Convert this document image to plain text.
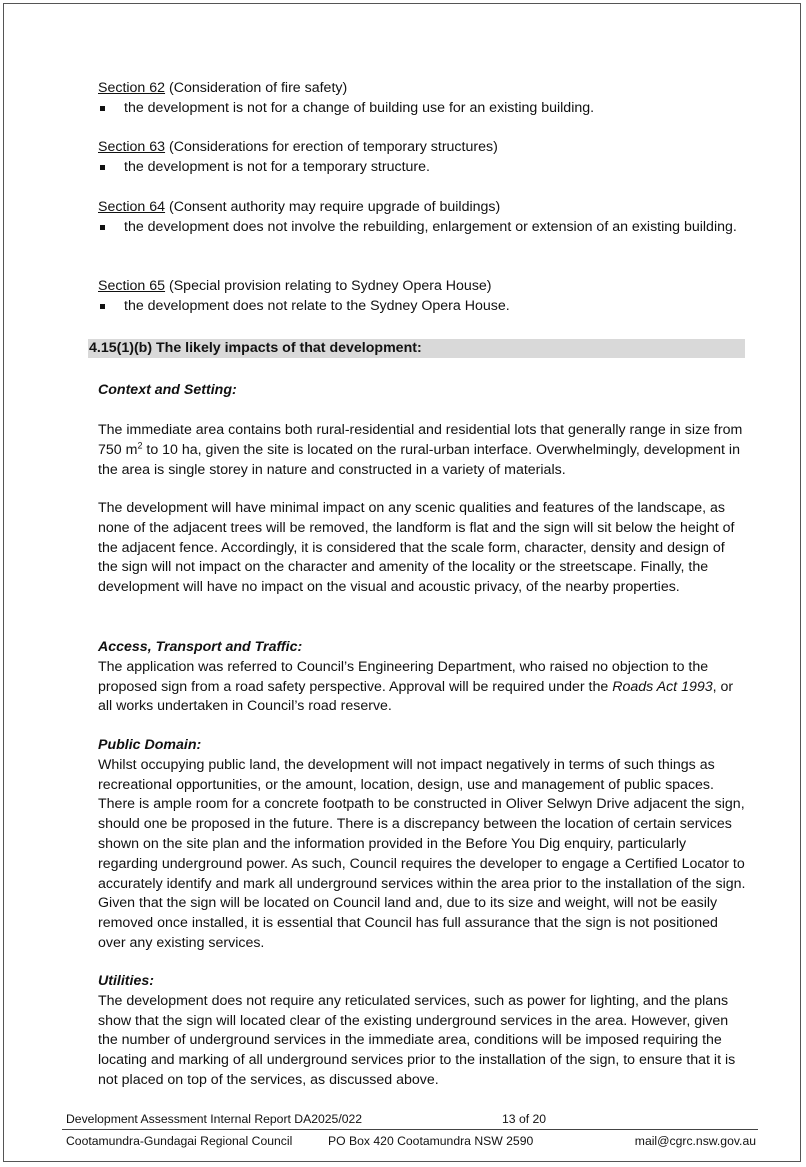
Section 62 (Consideration of fire safety)
the development is not for a change of building use for an existing building.
Section 63 (Considerations for erection of temporary structures)
the development is not for a temporary structure.
Section 64 (Consent authority may require upgrade of buildings)
the development does not involve the rebuilding, enlargement or extension of an existing building.
Section 65 (Special provision relating to Sydney Opera House)
the development does not relate to the Sydney Opera House.
4.15(1)(b) The likely impacts of that development:
Context and Setting:

The immediate area contains both rural-residential and residential lots that generally range in size from 750 $m^2$ to 10 ha, given the site is located on the rural-urban interface. Overwhelmingly, development in the area is single storey in nature and constructed in a variety of materials.

The development will have minimal impact on any scenic qualities and features of the landscape, as none of the adjacent trees will be removed, the landform is flat and the sign will sit below the height of the adjacent fence. Accordingly, it is considered that the scale form, character, density and design of the sign will not impact on the character and amenity of the locality or the streetscape. Finally, the development will have no impact on the visual and acoustic privacy, of the nearby properties.

Access, Transport and Traffic:

The application was referred to Council’s Engineering Department, who raised no objection to the proposed sign from a road safety perspective. Approval will be required under the Roads Act 1993, or all works undertaken in Council’s road reserve.

Public Domain:

Whilst occupying public land, the development will not impact negatively in terms of such things as recreational opportunities, or the amount, location, design, use and management of public spaces. There is ample room for a concrete footpath to be constructed in Oliver Selwyn Drive adjacent the sign, should one be proposed in the future. There is a discrepancy between the location of certain services shown on the site plan and the information provided in the Before You Dig enquiry, particularly regarding underground power. As such, Council requires the developer to engage a Certified Locator to accurately identify and mark all underground services within the area prior to the installation of the sign. Given that the sign will be located on Council land and, due to its size and weight, will not be easily removed once installed, it is essential that Council has full assurance that the sign is not positioned over any existing services.

Utilities:

The development does not require any reticulated services, such as power for lighting, and the plans show that the sign will located clear of the existing underground services in the area. However, given the number of underground services in the immediate area, conditions will be imposed requiring the locating and marking of all underground services prior to the installation of the sign, to ensure that it is not placed on top of the services, as discussed above.

Development Assessment Internal Report DA2025/022	13 of 20
Cootamundra-Gundagai Regional Council	PO Box 420 Cootamundra NSW 2590	mail@cgrc.nsw.gov.au
